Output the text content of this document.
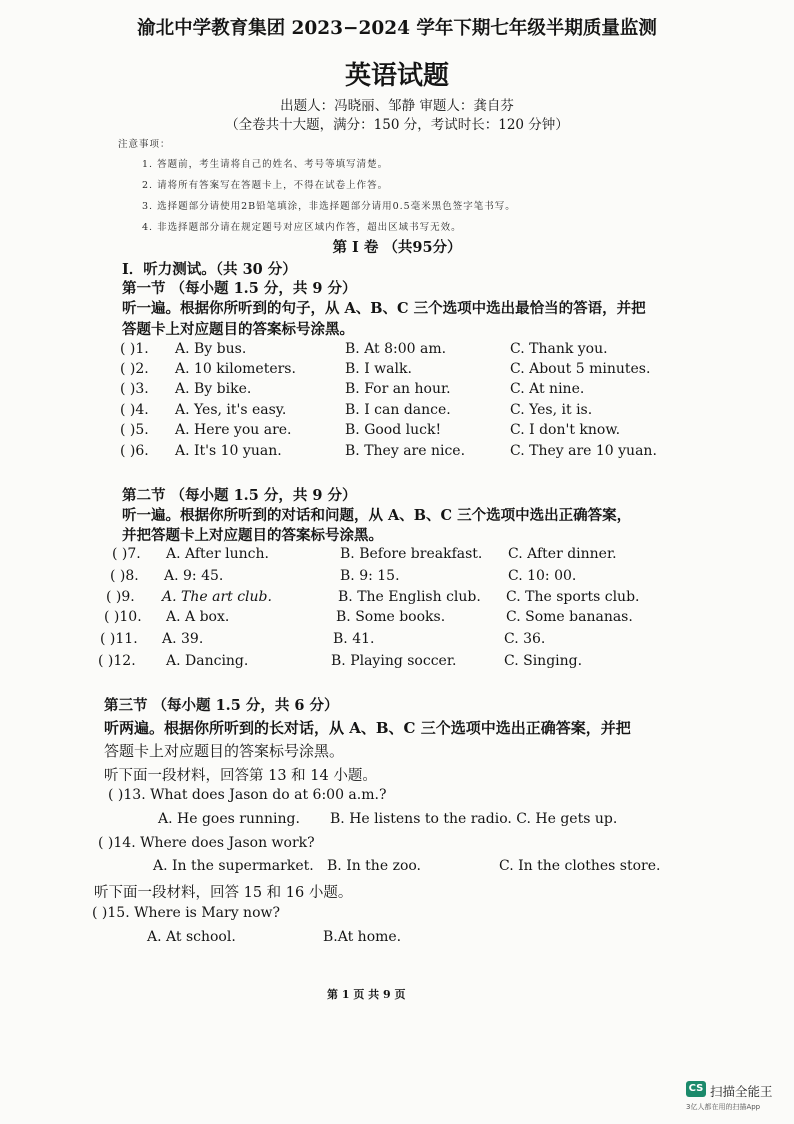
渝北中学教育集团 2023−2024 学年下期七年级半期质量监测
英语试题
出题人：冯晓丽、邹静 审题人：龚自芬
（全卷共十大题，满分：150 分，考试时长：120 分钟）
注意事项：
1. 答题前，考生请将自己的姓名、考号等填写清楚。
2. 请将所有答案写在答题卡上，不得在试卷上作答。
3. 选择题部分请使用2B铅笔填涂，非选择题部分请用0.5毫米黑色签字笔书写。
4. 非选择题部分请在规定题号对应区域内作答，超出区域书写无效。
第 I 卷 （共95分）
I．听力测试。（共 30 分）
第一节 （每小题 1.5 分，共 9 分）
听一遍。根据你所听到的句子，从 A、B、C 三个选项中选出最恰当的答语，并把
答题卡上对应题目的答案标号涂黑。
( )1. A. By bus.	B. At 8:00 am.	C. Thank you.
( )2. A. 10 kilometers.	B. I walk.	C. About 5 minutes.
( )3. A. By bike.	B. For an hour.	C. At nine.
( )4. A. Yes, it's easy.	B. I can dance.	C. Yes, it is.
( )5. A. Here you are.	B. Good luck!	C. I don't know.
( )6. A. It's 10 yuan.	B. They are nice.	C. They are 10 yuan.
第二节 （每小题 1.5 分，共 9 分）
听一遍。根据你所听到的对话和问题，从 A、B、C 三个选项中选出正确答案，
并把答题卡上对应题目的答案标号涂黑。
( )7. A. After lunch.	B. Before breakfast. C. After dinner.
( )8. A. 9: 45.	B. 9: 15.	C. 10: 00.
( )9. A. The art club.	B. The English club. C. The sports club.
( )10. A. A box.	B. Some books.	C. Some bananas.
( )11. A. 39.	B. 41.	C. 36.
( )12. A. Dancing.	B. Playing soccer.	C. Singing.
第三节 （每小题 1.5 分，共 6 分）
听两遍。根据你所听到的长对话，从 A、B、C 三个选项中选出正确答案，并把
答题卡上对应题目的答案标号涂黑。
听下面一段材料，回答第 13 和 14 小题。
( )13. What does Jason do at 6:00 a.m.?
A. He goes running. B. He listens to the radio. C. He gets up.
( )14. Where does Jason work?
A. In the supermarket. B. In the zoo.	C. In the clothes store.
听下面一段材料，回答 15 和 16 小题。
( )15. Where is Mary now?
A. At school.	B.At home.
第 1 页 共 9 页
CS 扫描全能王
3亿人都在用的扫描App
